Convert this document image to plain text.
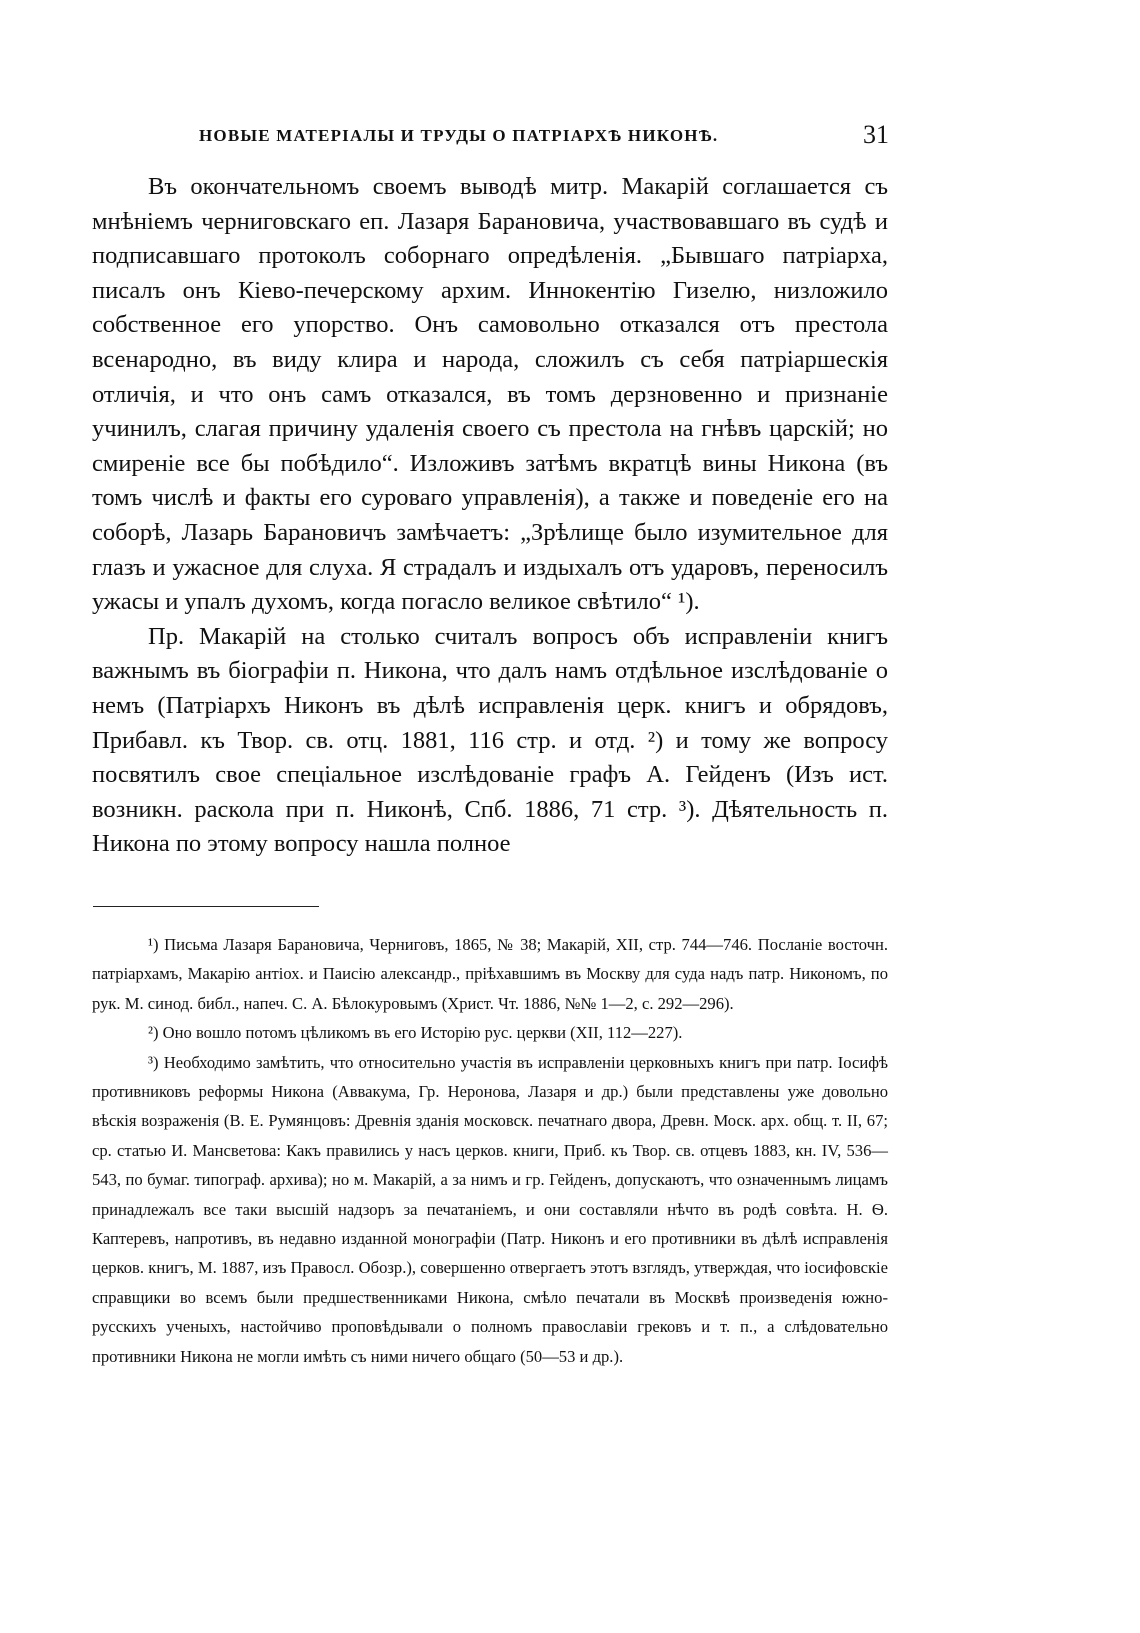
НОВЫЕ МАТЕРІАЛЫ И ТРУДЫ О ПАТРІАРХѢ НИКОНѢ.	31

Въ окончательномъ своемъ выводѣ митр. Макарій соглашается съ мнѣніемъ черниговскаго еп. Лазаря Барановича, участвовавшаго въ судѣ и подписавшаго протоколъ соборнаго опредѣленія. „Бывшаго патріарха, писалъ онъ Кіево-печерскому архим. Иннокентію Гизелю, низложило собственное его упорство. Онъ самовольно отказался отъ престола всенародно, въ виду клира и народа, сложилъ съ себя патріаршескія отличія, и что онъ самъ отказался, въ томъ дерзновенно и признаніе учинилъ, слагая причину удаленія своего съ престола на гнѣвъ царскій; но смиреніе все бы побѣдило“. Изложивъ затѣмъ вкратцѣ вины Никона (въ томъ числѣ и факты его суроваго управленія), а также и поведеніе его на соборѣ, Лазарь Барановичъ замѣчаетъ: „Зрѣлище было изумительное для глазъ и ужасное для слуха. Я страдалъ и издыхалъ отъ ударовъ, переносилъ ужасы и упалъ духомъ, когда погасло великое свѣтило“ ¹).

Пр. Макарій на столько считалъ вопросъ объ исправленіи книгъ важнымъ въ біографіи п. Никона, что далъ намъ отдѣльное изслѣдованіе о немъ (Патріархъ Никонъ въ дѣлѣ исправленія церк. книгъ и обрядовъ, Прибавл. къ Твор. св. отц. 1881, 116 стр. и отд. ²) и тому же вопросу посвятилъ свое спеціальное изслѣдованіе графъ А. Гейденъ (Изъ ист. возникн. раскола при п. Никонѣ, Спб. 1886, 71 стр. ³). Дѣятельность п. Никона по этому вопросу нашла полное

¹) Письма Лазаря Барановича, Черниговъ, 1865, № 38; Макарій, XII, стр. 744—746. Посланіе восточн. патріархамъ, Макарію антіох. и Паисію александр., пріѣхавшимъ въ Москву для суда надъ патр. Никономъ, по рук. М. синод. библ., напеч. С. А. Бѣлокуровымъ (Христ. Чт. 1886, №№ 1—2, с. 292—296).

²) Оно вошло потомъ цѣликомъ въ его Исторію рус. церкви (XII, 112—227).

³) Необходимо замѣтить, что относительно участія въ исправленіи церковныхъ книгъ при патр. Іосифѣ противниковъ реформы Никона (Аввакума, Гр. Неронова, Лазаря и др.) были представлены уже довольно вѣскія возраженія (В. Е. Румянцовъ: Древнія зданія московск. печатнаго двора, Древн. Моск. арх. общ. т. II, 67; ср. статью И. Мансветова: Какъ правились у насъ церков. книги, Приб. къ Твор. св. отцевъ 1883, кн. IV, 536—543, по бумаг. типограф. архива); но м. Макарій, а за нимъ и гр. Гейденъ, допускаютъ, что означеннымъ лицамъ принадлежалъ все таки высшій надзоръ за печатаніемъ, и они составляли нѣчто въ родѣ совѣта. Н. Ѳ. Каптеревъ, напротивъ, въ недавно изданной монографіи (Патр. Никонъ и его противники въ дѣлѣ исправленія церков. книгъ, М. 1887, изъ Правосл. Обозр.), совершенно отвергаетъ этотъ взглядъ, утверждая, что іосифовскіе справщики во всемъ были предшественниками Никона, смѣло печатали въ Москвѣ произведенія южно-русскихъ ученыхъ, настойчиво проповѣдывали о полномъ православіи грековъ и т. п., а слѣдовательно противники Никона не могли имѣть съ ними ничего общаго (50—53 и др.).
